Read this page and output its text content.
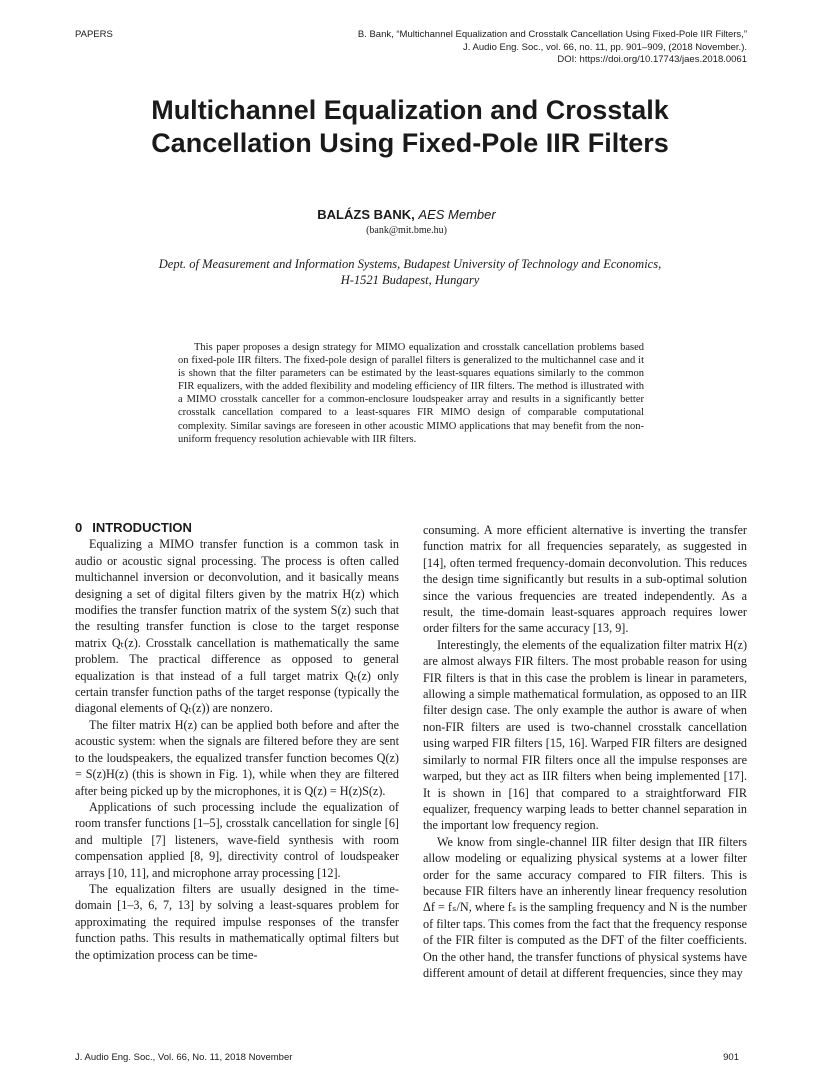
PAPERS	B. Bank, “Multichannel Equalization and Crosstalk Cancellation Using Fixed-Pole IIR Filters,”
J. Audio Eng. Soc., vol. 66, no. 11, pp. 901–909, (2018 November.).
DOI: https://doi.org/10.17743/jaes.2018.0061
Multichannel Equalization and Crosstalk
Cancellation Using Fixed-Pole IIR Filters
BALÁZS BANK, AES Member
(bank@mit.bme.hu)
Dept. of Measurement and Information Systems, Budapest University of Technology and Economics,
H-1521 Budapest, Hungary
This paper proposes a design strategy for MIMO equalization and crosstalk cancellation problems based on fixed-pole IIR filters. The fixed-pole design of parallel filters is generalized to the multichannel case and it is shown that the filter parameters can be estimated by the least-squares equations similarly to the common FIR equalizers, with the added flexibility and modeling efficiency of IIR filters. The method is illustrated with a MIMO crosstalk canceller for a common-enclosure loudspeaker array and results in a significantly better crosstalk cancellation compared to a least-squares FIR MIMO design of comparable computational complexity. Similar savings are foreseen in other acoustic MIMO applications that may benefit from the non-uniform frequency resolution achievable with IIR filters.

0 INTRODUCTION

Equalizing a MIMO transfer function is a common task in audio or acoustic signal processing. The process is often called multichannel inversion or deconvolution, and it basically means designing a set of digital filters given by the matrix H(z) which modifies the transfer function matrix of the system S(z) such that the resulting transfer function is close to the target response matrix Qₜ(z). Crosstalk cancellation is mathematically the same problem. The practical difference as opposed to general equalization is that instead of a full target matrix Qₜ(z) only certain transfer function paths of the target response (typically the diagonal elements of Qₜ(z)) are nonzero.

The filter matrix H(z) can be applied both before and after the acoustic system: when the signals are filtered before they are sent to the loudspeakers, the equalized transfer function becomes Q(z) = S(z)H(z) (this is shown in Fig. 1), while when they are filtered after being picked up by the microphones, it is Q(z) = H(z)S(z).

Applications of such processing include the equalization of room transfer functions [1–5], crosstalk cancellation for single [6] and multiple [7] listeners, wave-field synthesis with room compensation applied [8, 9], directivity control of loudspeaker arrays [10, 11], and microphone array processing [12].

The equalization filters are usually designed in the time-domain [1–3, 6, 7, 13] by solving a least-squares problem for approximating the required impulse responses of the transfer function paths. This results in mathematically optimal filters but the optimization process can be time-

consuming. A more efficient alternative is inverting the transfer function matrix for all frequencies separately, as suggested in [14], often termed frequency-domain deconvolution. This reduces the design time significantly but results in a sub-optimal solution since the various frequencies are treated independently. As a result, the time-domain least-squares approach requires lower order filters for the same accuracy [13, 9].

Interestingly, the elements of the equalization filter matrix H(z) are almost always FIR filters. The most probable reason for using FIR filters is that in this case the problem is linear in parameters, allowing a simple mathematical formulation, as opposed to an IIR filter design case. The only example the author is aware of when non-FIR filters are used is two-channel crosstalk cancellation using warped FIR filters [15, 16]. Warped FIR filters are designed similarly to normal FIR filters once all the impulse responses are warped, but they act as IIR filters when being implemented [17]. It is shown in [16] that compared to a straightforward FIR equalizer, frequency warping leads to better channel separation in the important low frequency region.

We know from single-channel IIR filter design that IIR filters allow modeling or equalizing physical systems at a lower filter order for the same accuracy compared to FIR filters. This is because FIR filters have an inherently linear frequency resolution Δf = fₛ/N, where fₛ is the sampling frequency and N is the number of filter taps. This comes from the fact that the frequency response of the FIR filter is computed as the DFT of the filter coefficients. On the other hand, the transfer functions of physical systems have different amount of detail at different frequencies, since they may

J. Audio Eng. Soc., Vol. 66, No. 11, 2018 November	901
